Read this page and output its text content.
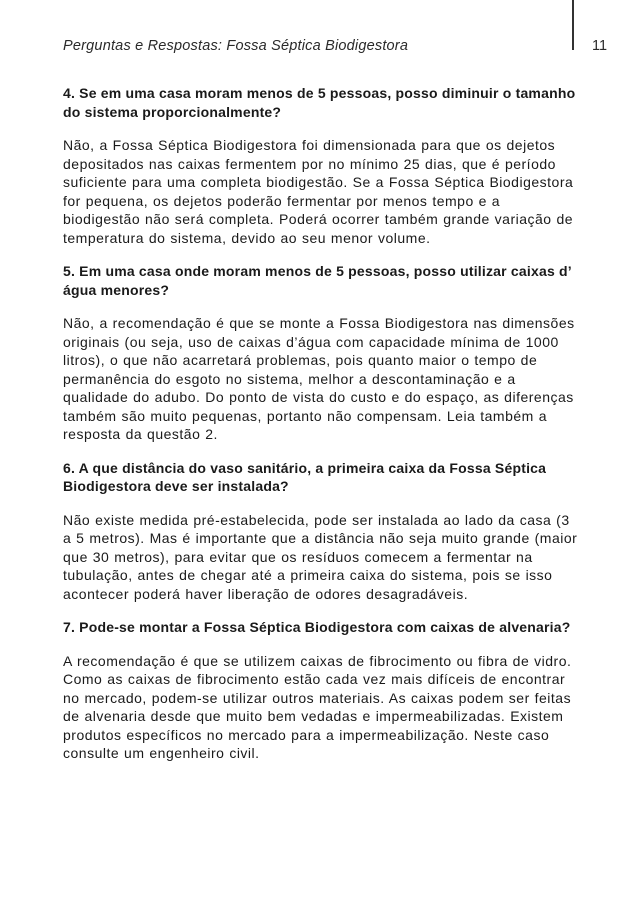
Perguntas e Respostas: Fossa Séptica Biodigestora	11

4. Se em uma casa moram menos de 5 pessoas, posso diminuir o tamanho do sistema proporcionalmente?

Não, a Fossa Séptica Biodigestora foi dimensionada para que os dejetos depositados nas caixas fermentem por no mínimo 25 dias, que é período suficiente para uma completa biodigestão. Se a Fossa Séptica Biodigestora for pequena, os dejetos poderão fermentar por menos tempo e a biodigestão não será completa. Poderá ocorrer também grande variação de temperatura do sistema, devido ao seu menor volume.

5. Em uma casa onde moram menos de 5 pessoas, posso utilizar caixas d’ água menores?

Não, a recomendação é que se monte a Fossa Biodigestora nas dimensões originais (ou seja, uso de caixas d’água com capacidade mínima de 1000 litros), o que não acarretará problemas, pois quanto maior o tempo de permanência do esgoto no sistema, melhor a descontaminação e a qualidade do adubo. Do ponto de vista do custo e do espaço, as diferenças também são muito pequenas, portanto não compensam. Leia também a resposta da questão 2.

6. A que distância do vaso sanitário, a primeira caixa da Fossa Séptica Biodigestora deve ser instalada?

Não existe medida pré-estabelecida, pode ser instalada ao lado da casa (3 a 5 metros). Mas é importante que a distância não seja muito grande (maior que 30 metros), para evitar que os resíduos comecem a fermentar na tubulação, antes de chegar até a primeira caixa do sistema, pois se isso acontecer poderá haver liberação de odores desagradáveis.

7. Pode-se montar a Fossa Séptica Biodigestora com caixas de alvenaria?

A recomendação é que se utilizem caixas de fibrocimento ou fibra de vidro. Como as caixas de fibrocimento estão cada vez mais difíceis de encontrar no mercado, podem-se utilizar outros materiais. As caixas podem ser feitas de alvenaria desde que muito bem vedadas e impermeabilizadas. Existem produtos específicos no mercado para a impermeabilização. Neste caso consulte um engenheiro civil.
